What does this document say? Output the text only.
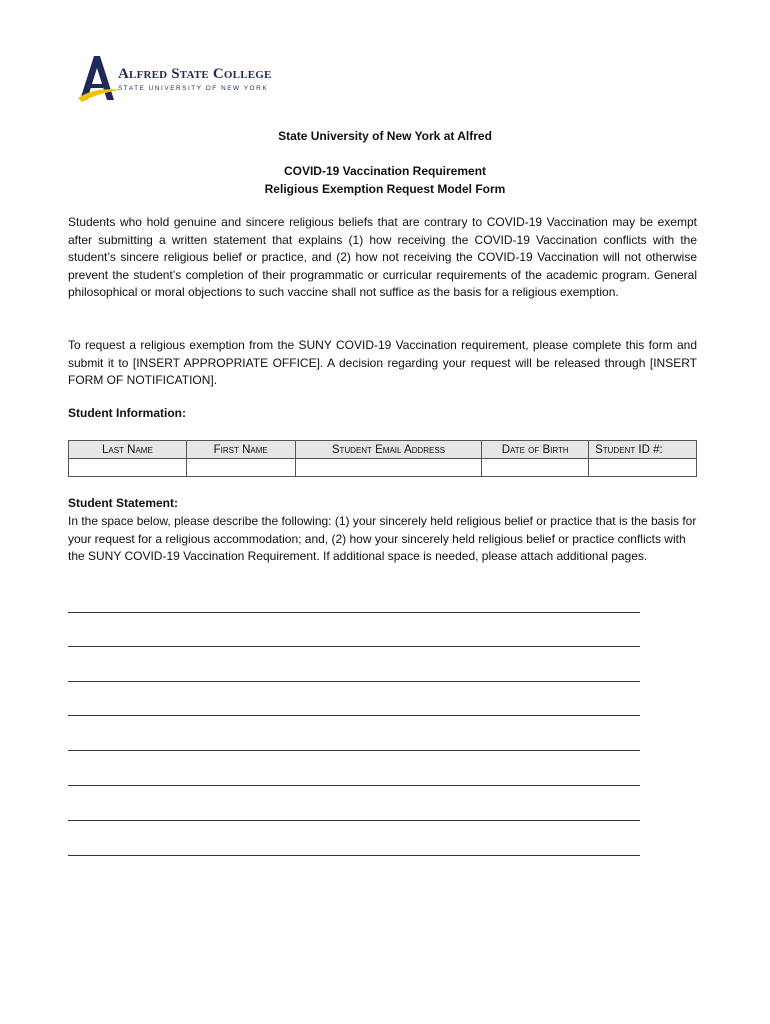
Alfred State College
STATE UNIVERSITY OF NEW YORK
State University of New York at Alfred
COVID-19 Vaccination Requirement
Religious Exemption Request Model Form

Students who hold genuine and sincere religious beliefs that are contrary to COVID-19 Vaccination may be exempt after submitting a written statement that explains (1) how receiving the COVID-19 Vaccination conflicts with the student’s sincere religious belief or practice, and (2) how not receiving the COVID-19 Vaccination will not otherwise prevent the student’s completion of their programmatic or curricular requirements of the academic program. General philosophical or moral objections to such vaccine shall not suffice as the basis for a religious exemption.

To request a religious exemption from the SUNY COVID-19 Vaccination requirement, please complete this form and submit it to [INSERT APPROPRIATE OFFICE]. A decision regarding your request will be released through [INSERT FORM OF NOTIFICATION].

Student Information:
Last Name	First Name	Student Email Address	Date of Birth	Student ID #:

Student Statement:

In the space below, please describe the following: (1) your sincerely held religious belief or practice that is the basis for your request for a religious accommodation; and, (2) how your sincerely held religious belief or practice conflicts with the SUNY COVID-19 Vaccination Requirement. If additional space is needed, please attach additional pages.
